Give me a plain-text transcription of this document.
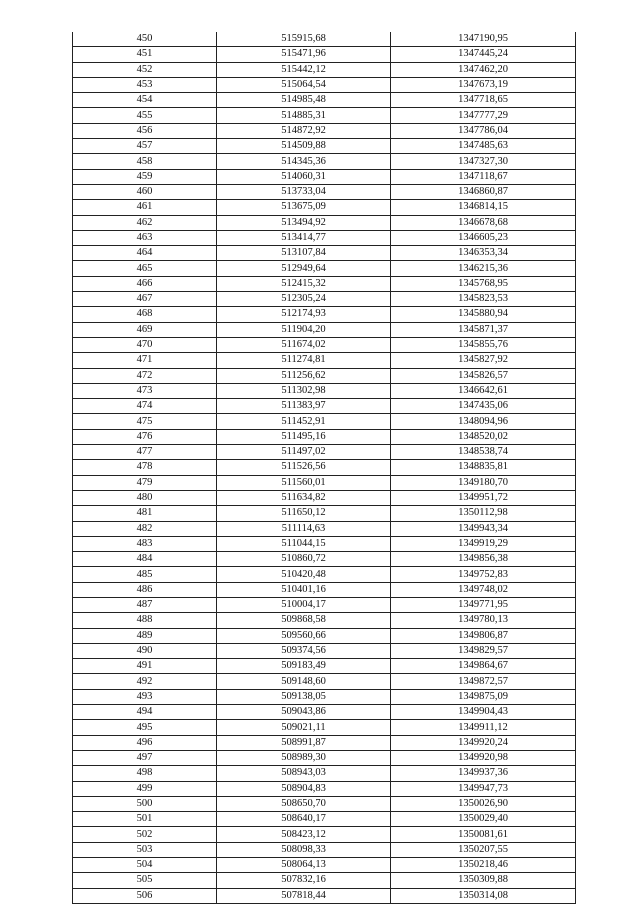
450	515915,68	1347190,95
451	515471,96	1347445,24
452	515442,12	1347462,20
453	515064,54	1347673,19
454	514985,48	1347718,65
455	514885,31	1347777,29
456	514872,92	1347786,04
457	514509,88	1347485,63
458	514345,36	1347327,30
459	514060,31	1347118,67
460	513733,04	1346860,87
461	513675,09	1346814,15
462	513494,92	1346678,68
463	513414,77	1346605,23
464	513107,84	1346353,34
465	512949,64	1346215,36
466	512415,32	1345768,95
467	512305,24	1345823,53
468	512174,93	1345880,94
469	511904,20	1345871,37
470	511674,02	1345855,76
471	511274,81	1345827,92
472	511256,62	1345826,57
473	511302,98	1346642,61
474	511383,97	1347435,06
475	511452,91	1348094,96
476	511495,16	1348520,02
477	511497,02	1348538,74
478	511526,56	1348835,81
479	511560,01	1349180,70
480	511634,82	1349951,72
481	511650,12	1350112,98
482	511114,63	1349943,34
483	511044,15	1349919,29
484	510860,72	1349856,38
485	510420,48	1349752,83
486	510401,16	1349748,02
487	510004,17	1349771,95
488	509868,58	1349780,13
489	509560,66	1349806,87
490	509374,56	1349829,57
491	509183,49	1349864,67
492	509148,60	1349872,57
493	509138,05	1349875,09
494	509043,86	1349904,43
495	509021,11	1349911,12
496	508991,87	1349920,24
497	508989,30	1349920,98
498	508943,03	1349937,36
499	508904,83	1349947,73
500	508650,70	1350026,90
501	508640,17	1350029,40
502	508423,12	1350081,61
503	508098,33	1350207,55
504	508064,13	1350218,46
505	507832,16	1350309,88
506	507818,44	1350314,08
